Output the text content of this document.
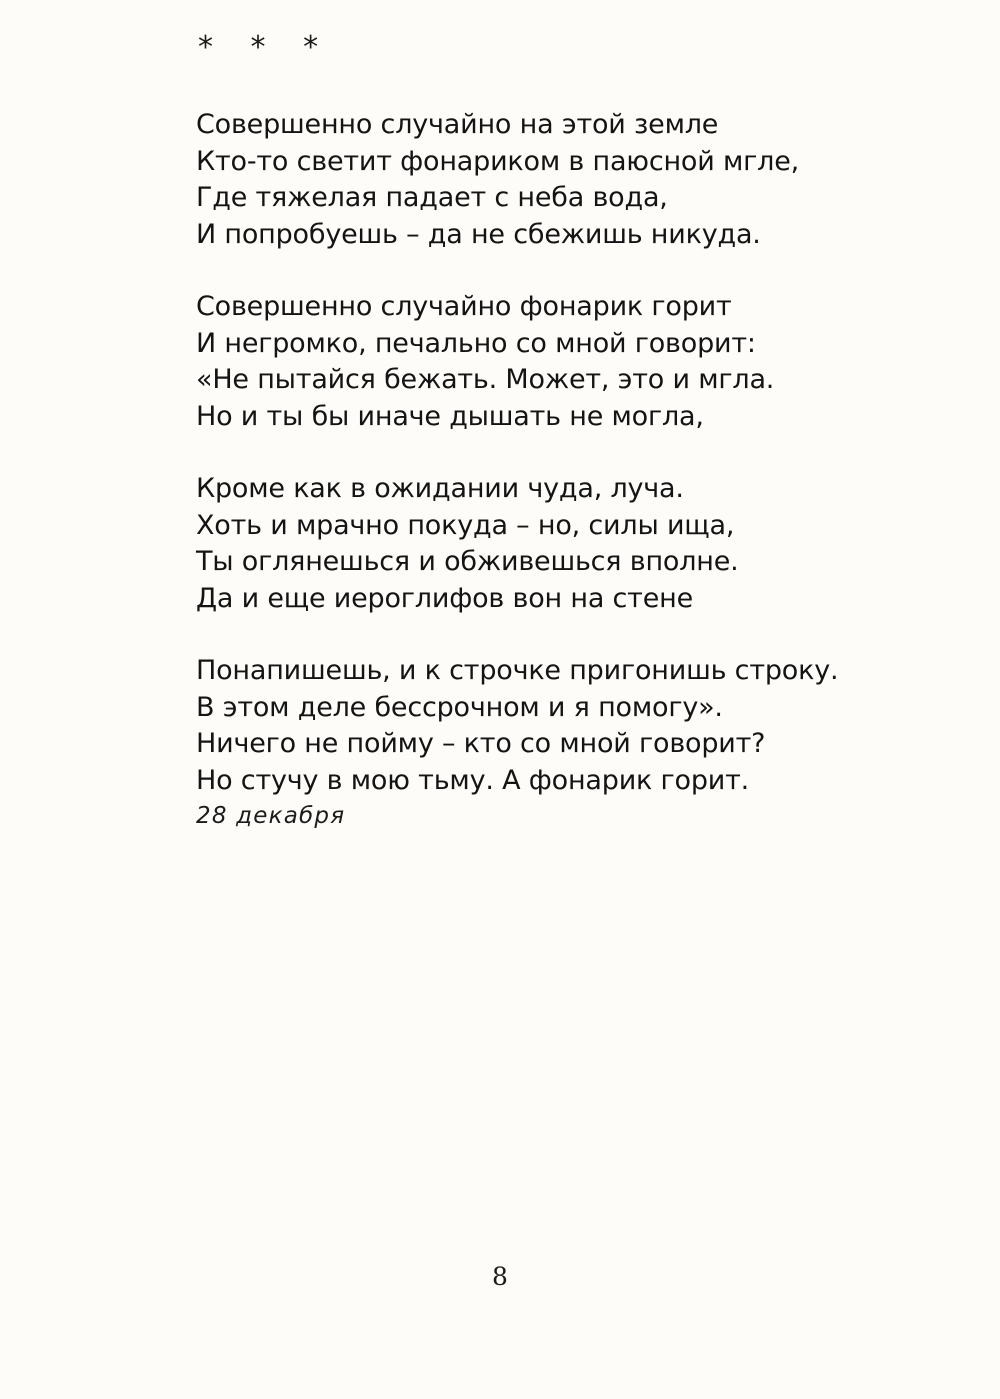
* * *
Совершенно случайно на этой земле
Кто-то светит фонариком в паюсной мгле,
Где тяжелая падает с неба вода,
И попробуешь – да не сбежишь никуда.
Совершенно случайно фонарик горит
И негромко, печально со мной говорит:
«Не пытайся бежать. Может, это и мгла.
Но и ты бы иначе дышать не могла,
Кроме как в ожидании чуда, луча.
Хоть и мрачно покуда – но, силы ища,
Ты оглянешься и обживешься вполне.
Да и еще иероглифов вон на стене
Понапишешь, и к строчке пригонишь строку.
В этом деле бессрочном и я помогу».
Ничего не пойму – кто со мной говорит?
Но стучу в мою тьму. А фонарик горит.
28 декабря
8
